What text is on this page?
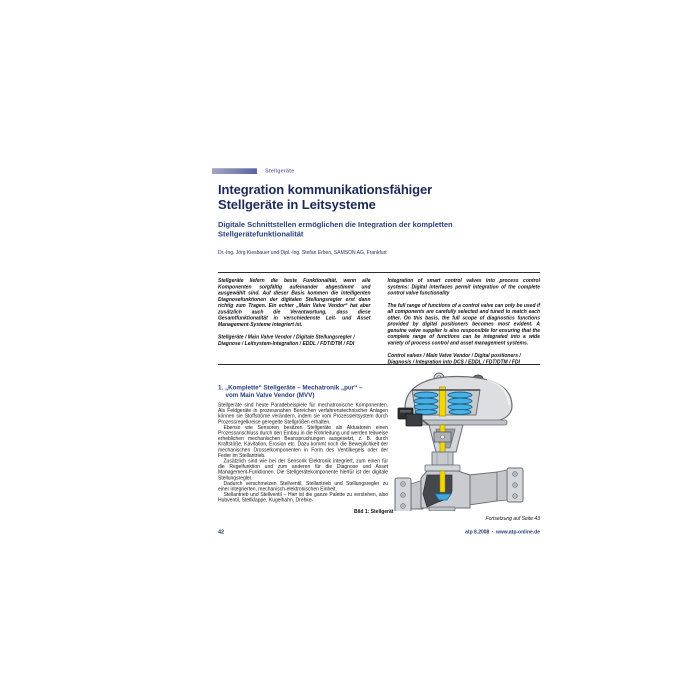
Stellgeräte
Integration kommunikationsfähiger
Stellgeräte in Leitsysteme
Digitale Schnittstellen ermöglichen die Integration der kompletten
Stellgerätefunktionalität
Dr.-Ing. Jörg Kiesbauer und Dipl.-Ing. Stefan Erben, SAMSON AG, Frankfurt
Stellgeräte liefern die beste Funktionalität, wenn alle Komponenten sorgfältig aufeinander abgestimmt und ausgewählt sind. Auf dieser Basis kommen die intelligenten Diagnosefunktionen der digitalen Stellungsregler erst dann richtig zum Tragen. Ein echter „Main Valve Vendor“ hat aber zusätzlich auch die Verantwortung, dass diese Gesamtfunktionalität in verschiedenste Leit- und Asset Management-Systeme integriert ist.
Stellgeräte / Main Valve Vendor / Digitale Stellungsregler / Diagnose / Leitsystem-Integration / EDDL / FDT/DTM / FDI
Integration of smart control valves into process control systems: Digital interfaces permit integration of the complete control valve functionality
The full range of functions of a control valve can only be used if all components are carefully selected and tuned to match each other. On this basis, the full scope of diagnostics functions provided by digital positioners becomes most evident. A genuine valve supplier is also responsible for ensuring that the complete range of functions can be integrated into a wide variety of process control and asset management systems.
Control valves / Main Valve Vendor / Digital positioners / Diagnosis / Integration into DCS / EDDL / FDT/DTM / FDI
1. „Komplette“ Stellgeräte – Mechatronik „pur“ –
vom Main Valve Vendor (MVV)

Stellgeräte sind heute Paradebeispiele für mechatronische Komponenten. Als Feldgeräte in prozessnahen Bereichen verfahrenstechnischer Anlagen können sie Stoffströme verändern, indem sie vom Prozessleitsystem durch Prozessregelkreise geregelte Stellgrößen erhalten.

Ebenso wie Sensoren besitzen Stellgeräte als Aktuatoren einen Prozessanschluss durch den Einbau in die Rohrleitung und werden teilweise erheblichen mechanischen Beanspruchungen ausgesetzt, z. B. durch Kraftstöße, Kavitation, Erosion etc. Dazu kommt noch die Beweglichkeit der mechanischen Drosselkomponenten in Form des Ventilkegels oder der Feder im Stellantrieb.

Zusätzlich sind wie bei der Sensorik Elektronik integriert, zum einen für die Regelfunktion und zum anderen für die Diagnose und Asset Management-Funktionen. Die Stellgerätekomponente hierfür ist der digitale Stellungsregler.

Dadurch verschmelzen Stellventil, Stellantrieb und Stellungsregler zu einer integrierten, mechanisch-elektronischen Einheit.

Stellantrieb und Stellventil – Hier ist die ganze Palette zu verstehen, also Hubventil, Stellklappe, Kugelhahn, Drehke-

Bild 1: Stellgerät
Fortsetzung auf Seite 43
42	atp 8.2008 · www.atp-online.de
